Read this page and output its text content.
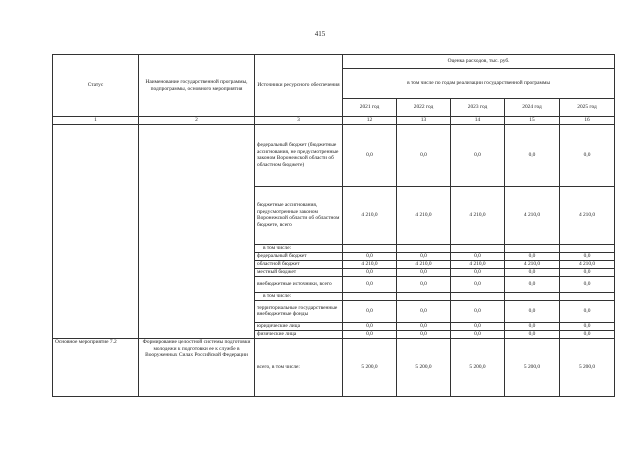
415
Статус	Наименование государственной программы, подпрограммы, основного мероприятия	Источники ресурсного обеспечения	Оценка расходов, тыс. руб.				
			в том числе по годам реализации государственной программы				
			2021 год	2022 год	2023 год	2024 год	2025 год
1	2	3	12	13	14	15	16
		федеральный бюджет (бюджетные ассигнования, не предусмотренные законом Воронежской области об областном бюджете)	0,0	0,0	0,0	0,0	0,0
		бюджетные ассигнования, предусмотренные законом Воронежской области об областном бюджете, всего	4 210,0	4 210,0	4 210,0	4 210,0	4 210,0
		в том числе:					
		федеральный бюджет	0,0	0,0	0,0	0,0	0,0
		областной бюджет	4 210,0	4 210,0	4 210,0	4 210,0	4 210,0
		местный бюджет	0,0	0,0	0,0	0,0	0,0
		внебюджетные источники, всего	0,0	0,0	0,0	0,0	0,0
		в том числе:					
		территориальные государственные внебюджетные фонды	0,0	0,0	0,0	0,0	0,0
		юридические лица	0,0	0,0	0,0	0,0	0,0
		физические лица	0,0	0,0	0,0	0,0	0,0
Основное мероприятие 7.2	Формирование целостной системы подготовки молодежи к подготовки ее к службе в Вооруженных Силах Российской Федерации	всего, в том числе:	5 200,0	5 200,0	5 200,0	5 200,0	5 200,0
